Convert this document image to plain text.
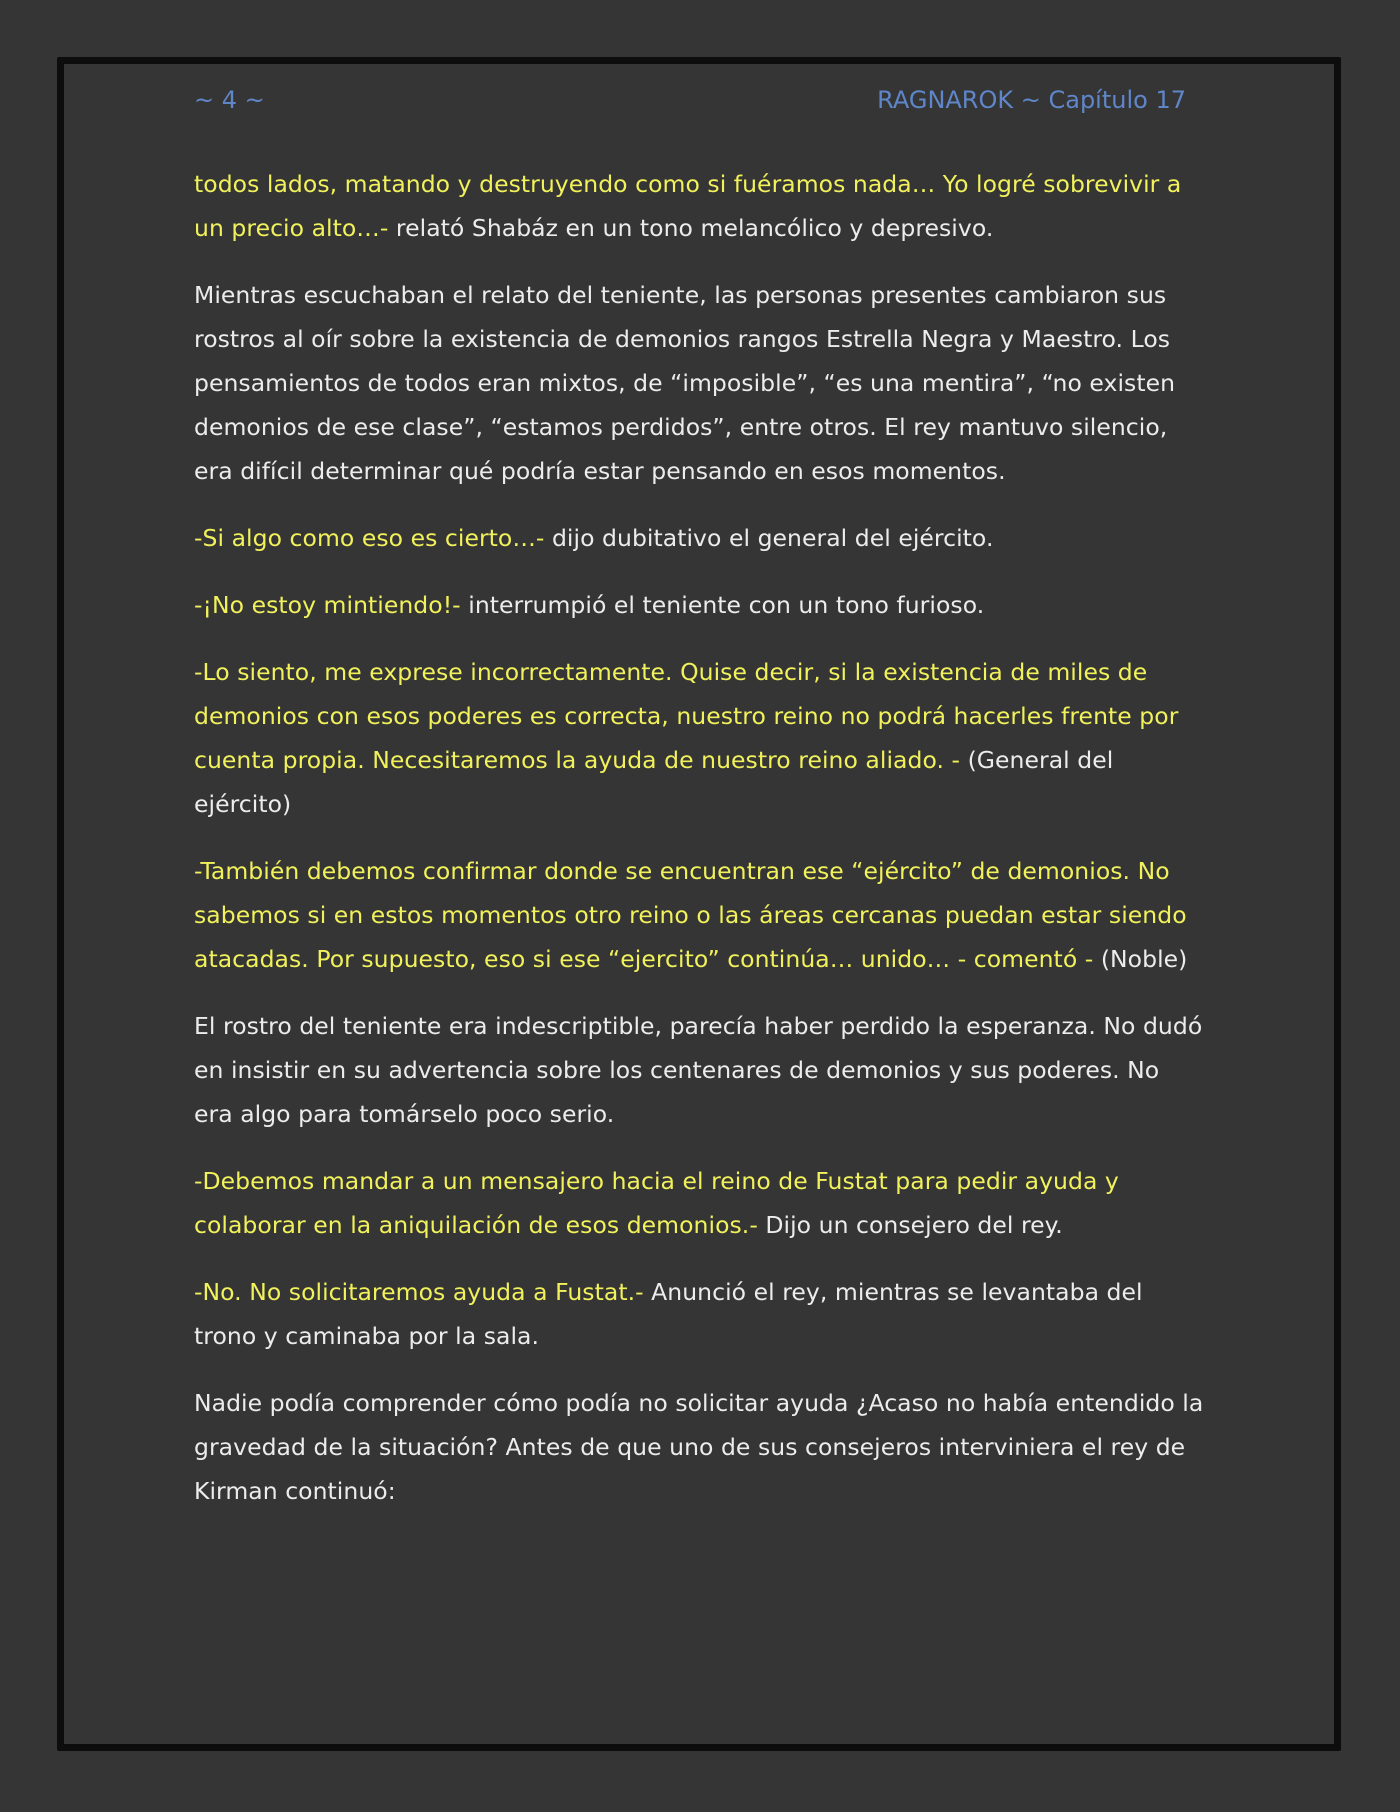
~ 4 ~	RAGNAROK ~ Capítulo 17

todos lados, matando y destruyendo como si fuéramos nada… Yo logré sobrevivir a un precio alto…- relató Shabáz en un tono melancólico y depresivo.

Mientras escuchaban el relato del teniente, las personas presentes cambiaron sus rostros al oír sobre la existencia de demonios rangos Estrella Negra y Maestro. Los pensamientos de todos eran mixtos, de “imposible”, “es una mentira”, “no existen demonios de ese clase”, “estamos perdidos”, entre otros. El rey mantuvo silencio, era difícil determinar qué podría estar pensando en esos momentos.

-Si algo como eso es cierto…- dijo dubitativo el general del ejército.

-¡No estoy mintiendo!- interrumpió el teniente con un tono furioso.

-Lo siento, me exprese incorrectamente. Quise decir, si la existencia de miles de demonios con esos poderes es correcta, nuestro reino no podrá hacerles frente por cuenta propia. Necesitaremos la ayuda de nuestro reino aliado. - (General del ejército)

-También debemos confirmar donde se encuentran ese “ejército” de demonios. No sabemos si en estos momentos otro reino o las áreas cercanas puedan estar siendo atacadas. Por supuesto, eso si ese “ejercito” continúa… unido… - comentó - (Noble)

El rostro del teniente era indescriptible, parecía haber perdido la esperanza. No dudó en insistir en su advertencia sobre los centenares de demonios y sus poderes. No era algo para tomárselo poco serio.

-Debemos mandar a un mensajero hacia el reino de Fustat para pedir ayuda y colaborar en la aniquilación de esos demonios.- Dijo un consejero del rey.

-No. No solicitaremos ayuda a Fustat.- Anunció el rey, mientras se levantaba del trono y caminaba por la sala.

Nadie podía comprender cómo podía no solicitar ayuda ¿Acaso no había entendido la gravedad de la situación? Antes de que uno de sus consejeros interviniera el rey de Kirman continuó:
